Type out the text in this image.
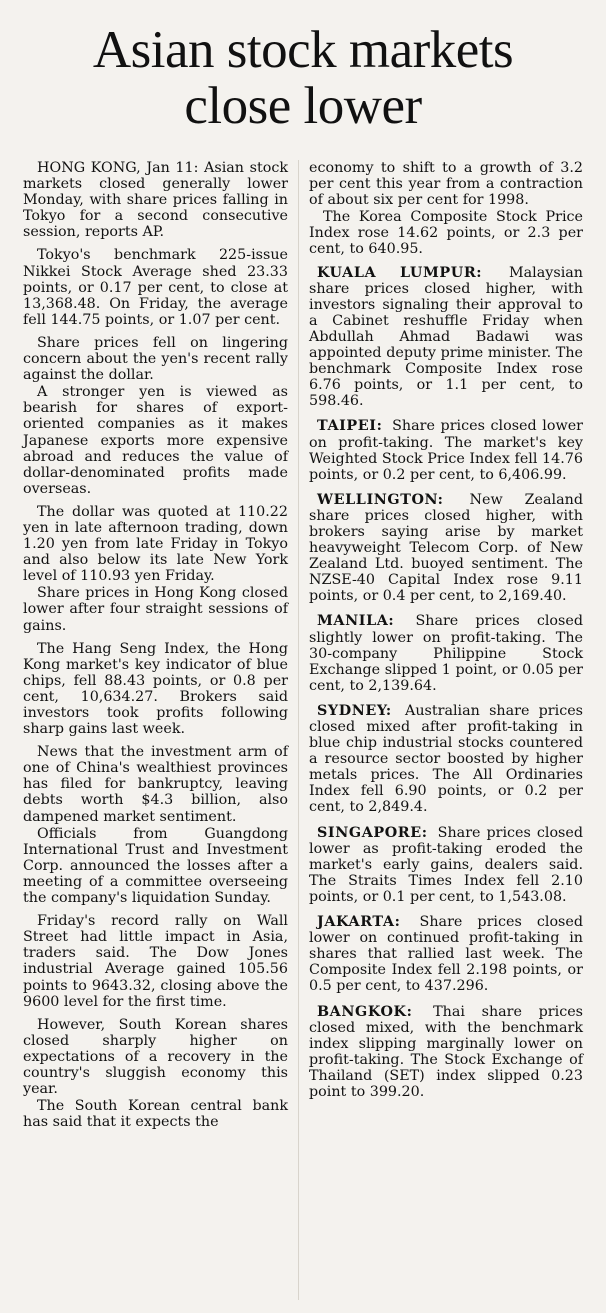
Asian stock markets
close lower

HONG KONG, Jan 11: Asian stock markets closed generally lower Monday, with share prices falling in Tokyo for a second consecutive session, reports AP.

Tokyo's benchmark 225-issue Nikkei Stock Average shed 23.33 points, or 0.17 per cent, to close at 13,368.48. On Friday, the average fell 144.75 points, or 1.07 per cent.

Share prices fell on lingering concern about the yen's recent rally against the dollar.

A stronger yen is viewed as bearish for shares of export-oriented companies as it makes Japanese exports more expensive abroad and reduces the value of dollar-denominated profits made overseas.

The dollar was quoted at 110.22 yen in late afternoon trading, down 1.20 yen from late Friday in Tokyo and also below its late New York level of 110.93 yen Friday.

Share prices in Hong Kong closed lower after four straight sessions of gains.

The Hang Seng Index, the Hong Kong market's key indicator of blue chips, fell 88.43 points, or 0.8 per cent, 10,634.27. Brokers said investors took profits following sharp gains last week.

News that the investment arm of one of China's wealthiest provinces has filed for bankruptcy, leaving debts worth $4.3 billion, also dampened market sentiment.

Officials from Guangdong International Trust and Investment Corp. announced the losses after a meeting of a committee overseeing the company's liquidation Sunday.

Friday's record rally on Wall Street had little impact in Asia, traders said. The Dow Jones industrial Average gained 105.56 points to 9643.32, closing above the 9600 level for the first time.

However, South Korean shares closed sharply higher on expectations of a recovery in the country's sluggish economy this year.

The South Korean central bank has said that it expects the

economy to shift to a growth of 3.2 per cent this year from a contraction of about six per cent for 1998.

The Korea Composite Stock Price Index rose 14.62 points, or 2.3 per cent, to 640.95.

KUALA LUMPUR: Malaysian share prices closed higher, with investors signaling their approval to a Cabinet reshuffle Friday when Abdullah Ahmad Badawi was appointed deputy prime minister. The benchmark Composite Index rose 6.76 points, or 1.1 per cent, to 598.46.

TAIPEI: Share prices closed lower on profit-taking. The market's key Weighted Stock Price Index fell 14.76 points, or 0.2 per cent, to 6,406.99.

WELLINGTON: New Zealand share prices closed higher, with brokers saying arise by market heavyweight Telecom Corp. of New Zealand Ltd. buoyed sentiment. The NZSE-40 Capital Index rose 9.11 points, or 0.4 per cent, to 2,169.40.

MANILA: Share prices closed slightly lower on profit-taking. The 30-company Philippine Stock Exchange slipped 1 point, or 0.05 per cent, to 2,139.64.

SYDNEY: Australian share prices closed mixed after profit-taking in blue chip industrial stocks countered a resource sector boosted by higher metals prices. The All Ordinaries Index fell 6.90 points, or 0.2 per cent, to 2,849.4.

SINGAPORE: Share prices closed lower as profit-taking eroded the market's early gains, dealers said. The Straits Times Index fell 2.10 points, or 0.1 per cent, to 1,543.08.

JAKARTA: Share prices closed lower on continued profit-taking in shares that rallied last week. The Composite Index fell 2.198 points, or 0.5 per cent, to 437.296.

BANGKOK: Thai share prices closed mixed, with the benchmark index slipping marginally lower on profit-taking. The Stock Exchange of Thailand (SET) index slipped 0.23 point to 399.20.
